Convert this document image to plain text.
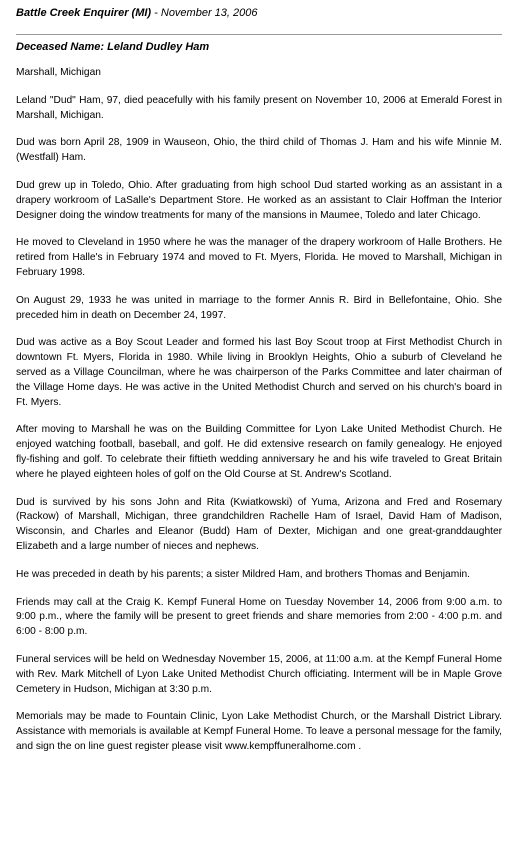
Battle Creek Enquirer (MI) - November 13, 2006

Deceased Name: Leland Dudley Ham

Marshall, Michigan

Leland "Dud" Ham, 97, died peacefully with his family present on November 10, 2006 at Emerald Forest in Marshall, Michigan.

Dud was born April 28, 1909 in Wauseon, Ohio, the third child of Thomas J. Ham and his wife Minnie M. (Westfall) Ham.

Dud grew up in Toledo, Ohio. After graduating from high school Dud started working as an assistant in a drapery workroom of LaSalle's Department Store. He worked as an assistant to Clair Hoffman the Interior Designer doing the window treatments for many of the mansions in Maumee, Toledo and later Chicago.

He moved to Cleveland in 1950 where he was the manager of the drapery workroom of Halle Brothers. He retired from Halle's in February 1974 and moved to Ft. Myers, Florida. He moved to Marshall, Michigan in February 1998.

On August 29, 1933 he was united in marriage to the former Annis R. Bird in Bellefontaine, Ohio. She preceded him in death on December 24, 1997.

Dud was active as a Boy Scout Leader and formed his last Boy Scout troop at First Methodist Church in downtown Ft. Myers, Florida in 1980. While living in Brooklyn Heights, Ohio a suburb of Cleveland he served as a Village Councilman, where he was chairperson of the Parks Committee and later chairman of the Village Home days. He was active in the United Methodist Church and served on his church's board in Ft. Myers.

After moving to Marshall he was on the Building Committee for Lyon Lake United Methodist Church. He enjoyed watching football, baseball, and golf. He did extensive research on family genealogy. He enjoyed fly-fishing and golf. To celebrate their fiftieth wedding anniversary he and his wife traveled to Great Britain where he played eighteen holes of golf on the Old Course at St. Andrew's Scotland.

Dud is survived by his sons John and Rita (Kwiatkowski) of Yuma, Arizona and Fred and Rosemary (Rackow) of Marshall, Michigan, three grandchildren Rachelle Ham of Israel, David Ham of Madison, Wisconsin, and Charles and Eleanor (Budd) Ham of Dexter, Michigan and one great-granddaughter Elizabeth and a large number of nieces and nephews.

He was preceded in death by his parents; a sister Mildred Ham, and brothers Thomas and Benjamin.

Friends may call at the Craig K. Kempf Funeral Home on Tuesday November 14, 2006 from 9:00 a.m. to 9:00 p.m., where the family will be present to greet friends and share memories from 2:00 - 4:00 p.m. and 6:00 - 8:00 p.m.

Funeral services will be held on Wednesday November 15, 2006, at 11:00 a.m. at the Kempf Funeral Home with Rev. Mark Mitchell of Lyon Lake United Methodist Church officiating. Interment will be in Maple Grove Cemetery in Hudson, Michigan at 3:30 p.m.

Memorials may be made to Fountain Clinic, Lyon Lake Methodist Church, or the Marshall District Library. Assistance with memorials is available at Kempf Funeral Home. To leave a personal message for the family, and sign the on line guest register please visit www.kempffuneralhome.com .
